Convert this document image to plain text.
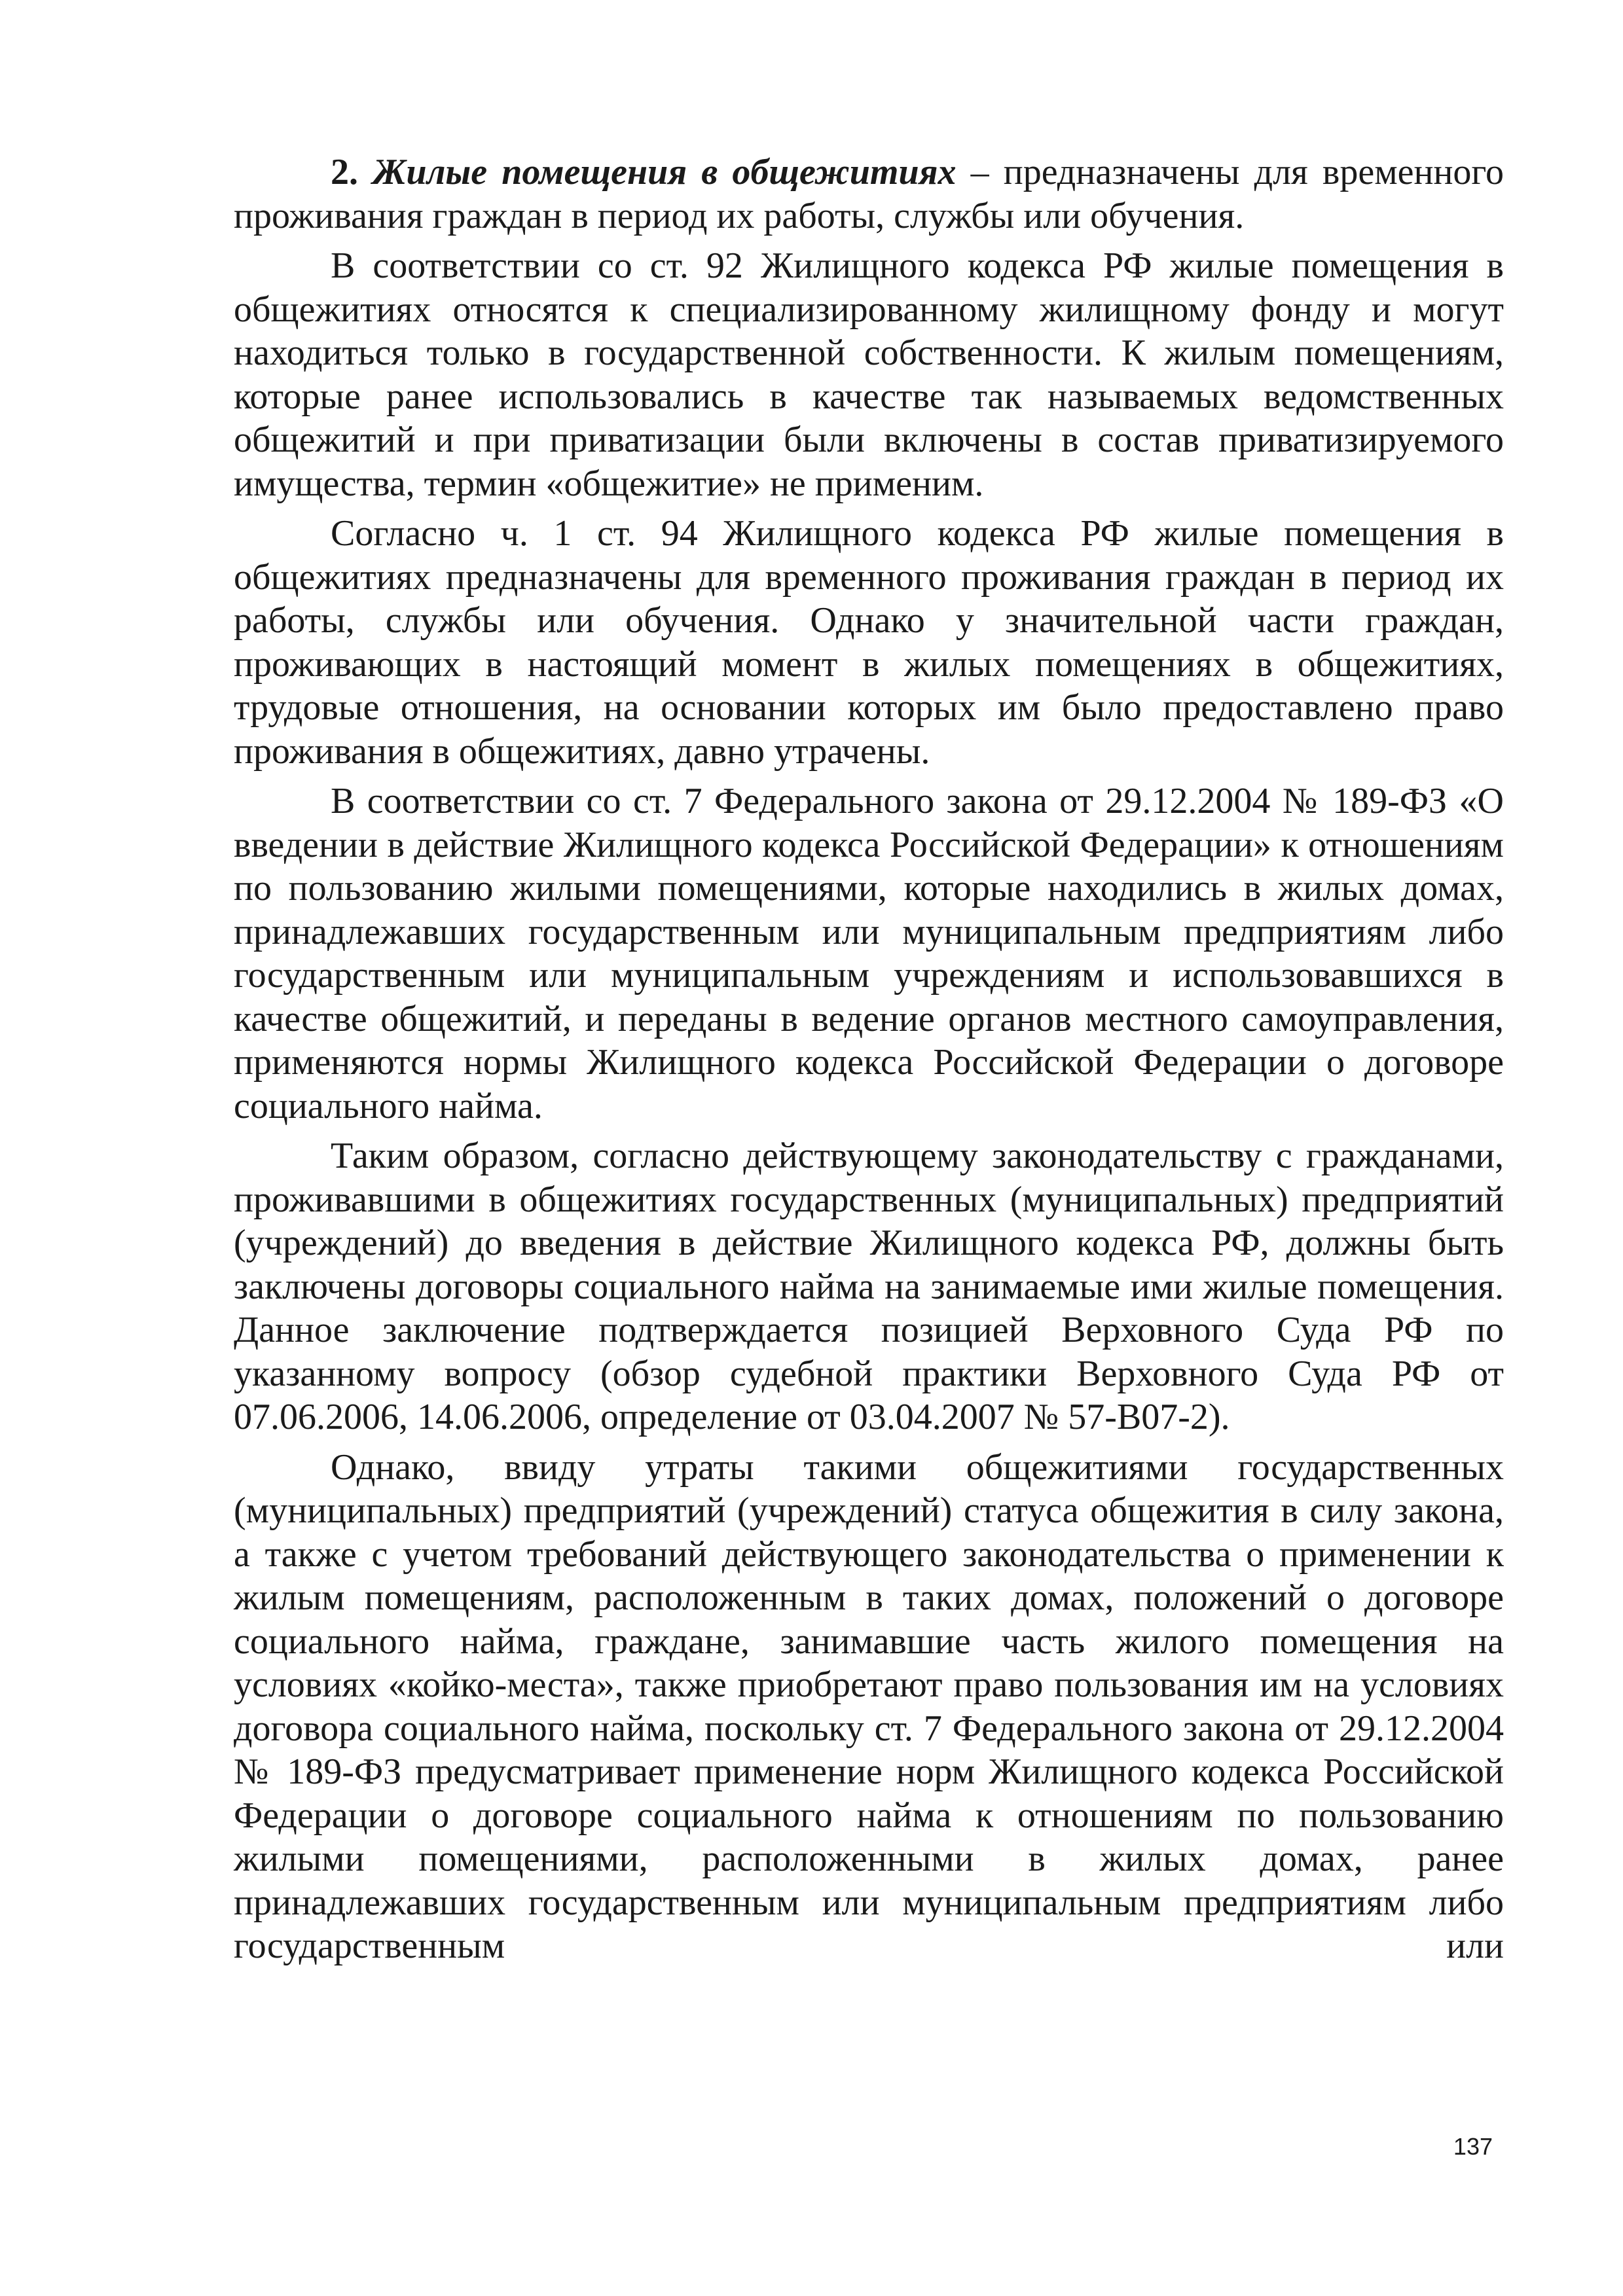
2. Жилые помещения в общежитиях – предназначены для временного проживания граждан в период их работы, службы или обучения.

В соответствии со ст. 92 Жилищного кодекса РФ жилые помещения в общежитиях относятся к специализированному жилищному фонду и могут находиться только в государственной собственности. К жилым помещениям, которые ранее использовались в качестве так называемых ведомственных общежитий и при приватизации были включены в состав приватизируемого имущества, термин «общежитие» не применим.

Согласно ч. 1 ст. 94 Жилищного кодекса РФ жилые помещения в общежитиях предназначены для временного проживания граждан в период их работы, службы или обучения. Однако у значительной части граждан, проживающих в настоящий момент в жилых помещениях в общежитиях, трудовые отношения, на основании которых им было предоставлено право проживания в общежитиях, давно утрачены.

В соответствии со ст. 7 Федерального закона от 29.12.2004 № 189-ФЗ «О введении в действие Жилищного кодекса Российской Федерации» к отношениям по пользованию жилыми помещениями, которые находились в жилых домах, принадлежавших государственным или муниципальным предприятиям либо государственным или муниципальным учреждениям и использовавшихся в качестве общежитий, и переданы в ведение органов местного самоуправления, применяются нормы Жилищного кодекса Российской Федерации о договоре социального найма.

Таким образом, согласно действующему законодательству с гражданами, проживавшими в общежитиях государственных (муниципальных) предприятий (учреждений) до введения в действие Жилищного кодекса РФ, должны быть заключены договоры социального найма на занимаемые ими жилые помещения. Данное заключение подтверждается позицией Верховного Суда РФ по указанному вопросу (обзор судебной практики Верховного Суда РФ от 07.06.2006, 14.06.2006, определение от 03.04.2007 № 57-В07-2).

Однако, ввиду утраты такими общежитиями государственных (муниципальных) предприятий (учреждений) статуса общежития в силу закона, а также с учетом требований действующего законодательства о применении к жилым помещениям, расположенным в таких домах, положений о договоре социального найма, граждане, занимавшие часть жилого помещения на условиях «койко-места», также приобретают право пользования им на условиях договора социального найма, поскольку ст. 7 Федерального закона от 29.12.2004 № 189-ФЗ предусматривает применение норм Жилищного кодекса Российской Федерации о договоре социального найма к отношениям по пользованию жилыми помещениями, расположенными в жилых домах, ранее принадлежавших государственным или муниципальным предприятиям либо государственным или

137
